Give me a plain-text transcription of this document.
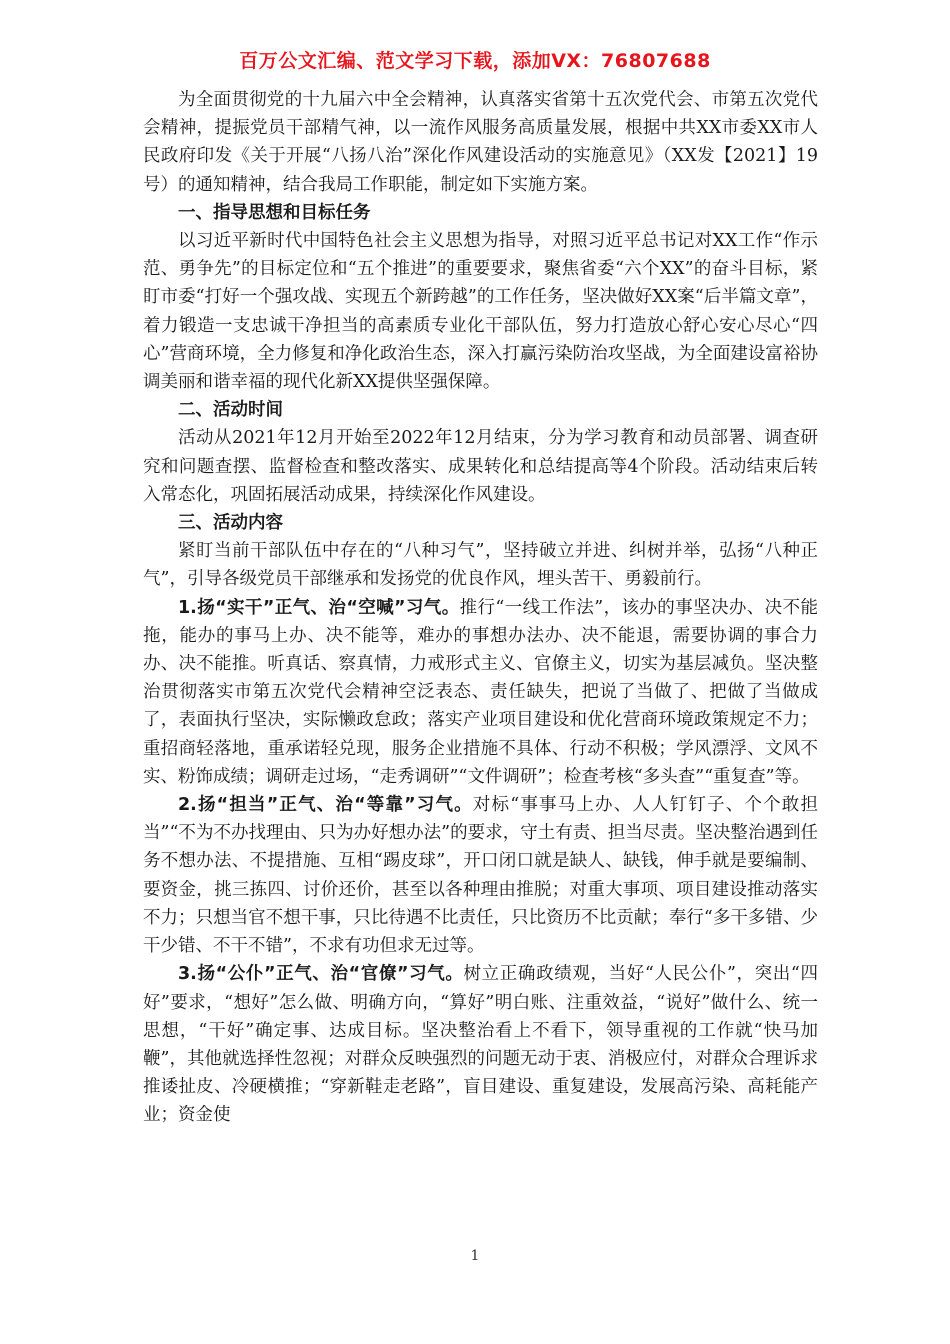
百万公文汇编、范文学习下载，添加VX：76807688

为全面贯彻党的十九届六中全会精神，认真落实省第十五次党代会、市第五次党代会精神，提振党员干部精气神，以一流作风服务高质量发展，根据中共XX市委XX市人民政府印发《关于开展“八扬八治”深化作风建设活动的实施意见》（XX发【2021】19号）的通知精神，结合我局工作职能，制定如下实施方案。

一、指导思想和目标任务

以习近平新时代中国特色社会主义思想为指导，对照习近平总书记对XX工作“作示范、勇争先”的目标定位和“五个推进”的重要要求，聚焦省委“六个XX”的奋斗目标，紧盯市委“打好一个强攻战、实现五个新跨越”的工作任务，坚决做好XX案“后半篇文章”，着力锻造一支忠诚干净担当的高素质专业化干部队伍，努力打造放心舒心安心尽心“四心”营商环境，全力修复和净化政治生态，深入打赢污染防治攻坚战，为全面建设富裕协调美丽和谐幸福的现代化新XX提供坚强保障。

二、活动时间

活动从2021年12月开始至2022年12月结束，分为学习教育和动员部署、调查研究和问题查摆、监督检查和整改落实、成果转化和总结提高等4个阶段。活动结束后转入常态化，巩固拓展活动成果，持续深化作风建设。

三、活动内容

紧盯当前干部队伍中存在的“八种习气”，坚持破立并进、纠树并举，弘扬“八种正气”，引导各级党员干部继承和发扬党的优良作风，埋头苦干、勇毅前行。

1.扬“实干”正气、治“空喊”习气。推行“一线工作法”，该办的事坚决办、决不能拖，能办的事马上办、决不能等，难办的事想办法办、决不能退，需要协调的事合力办、决不能推。听真话、察真情，力戒形式主义、官僚主义，切实为基层减负。坚决整治贯彻落实市第五次党代会精神空泛表态、责任缺失，把说了当做了、把做了当做成了，表面执行坚决，实际懒政怠政；落实产业项目建设和优化营商环境政策规定不力；重招商轻落地，重承诺轻兑现，服务企业措施不具体、行动不积极；学风漂浮、文风不实、粉饰成绩；调研走过场，“走秀调研”“文件调研”；检查考核“多头查”“重复查”等。

2.扬“担当”正气、治“等靠”习气。对标“事事马上办、人人钉钉子、个个敢担当”“不为不办找理由、只为办好想办法”的要求，守土有责、担当尽责。坚决整治遇到任务不想办法、不提措施、互相“踢皮球”，开口闭口就是缺人、缺钱，伸手就是要编制、要资金，挑三拣四、讨价还价，甚至以各种理由推脱；对重大事项、项目建设推动落实不力；只想当官不想干事，只比待遇不比责任，只比资历不比贡献；奉行“多干多错、少干少错、不干不错”，不求有功但求无过等。

3.扬“公仆”正气、治“官僚”习气。树立正确政绩观，当好“人民公仆”，突出“四好”要求，“想好”怎么做、明确方向，“算好”明白账、注重效益，“说好”做什么、统一思想，“干好”确定事、达成目标。坚决整治看上不看下，领导重视的工作就“快马加鞭”，其他就选择性忽视；对群众反映强烈的问题无动于衷、消极应付，对群众合理诉求推诿扯皮、冷硬横推；“穿新鞋走老路”，盲目建设、重复建设，发展高污染、高耗能产业；资金使

1
